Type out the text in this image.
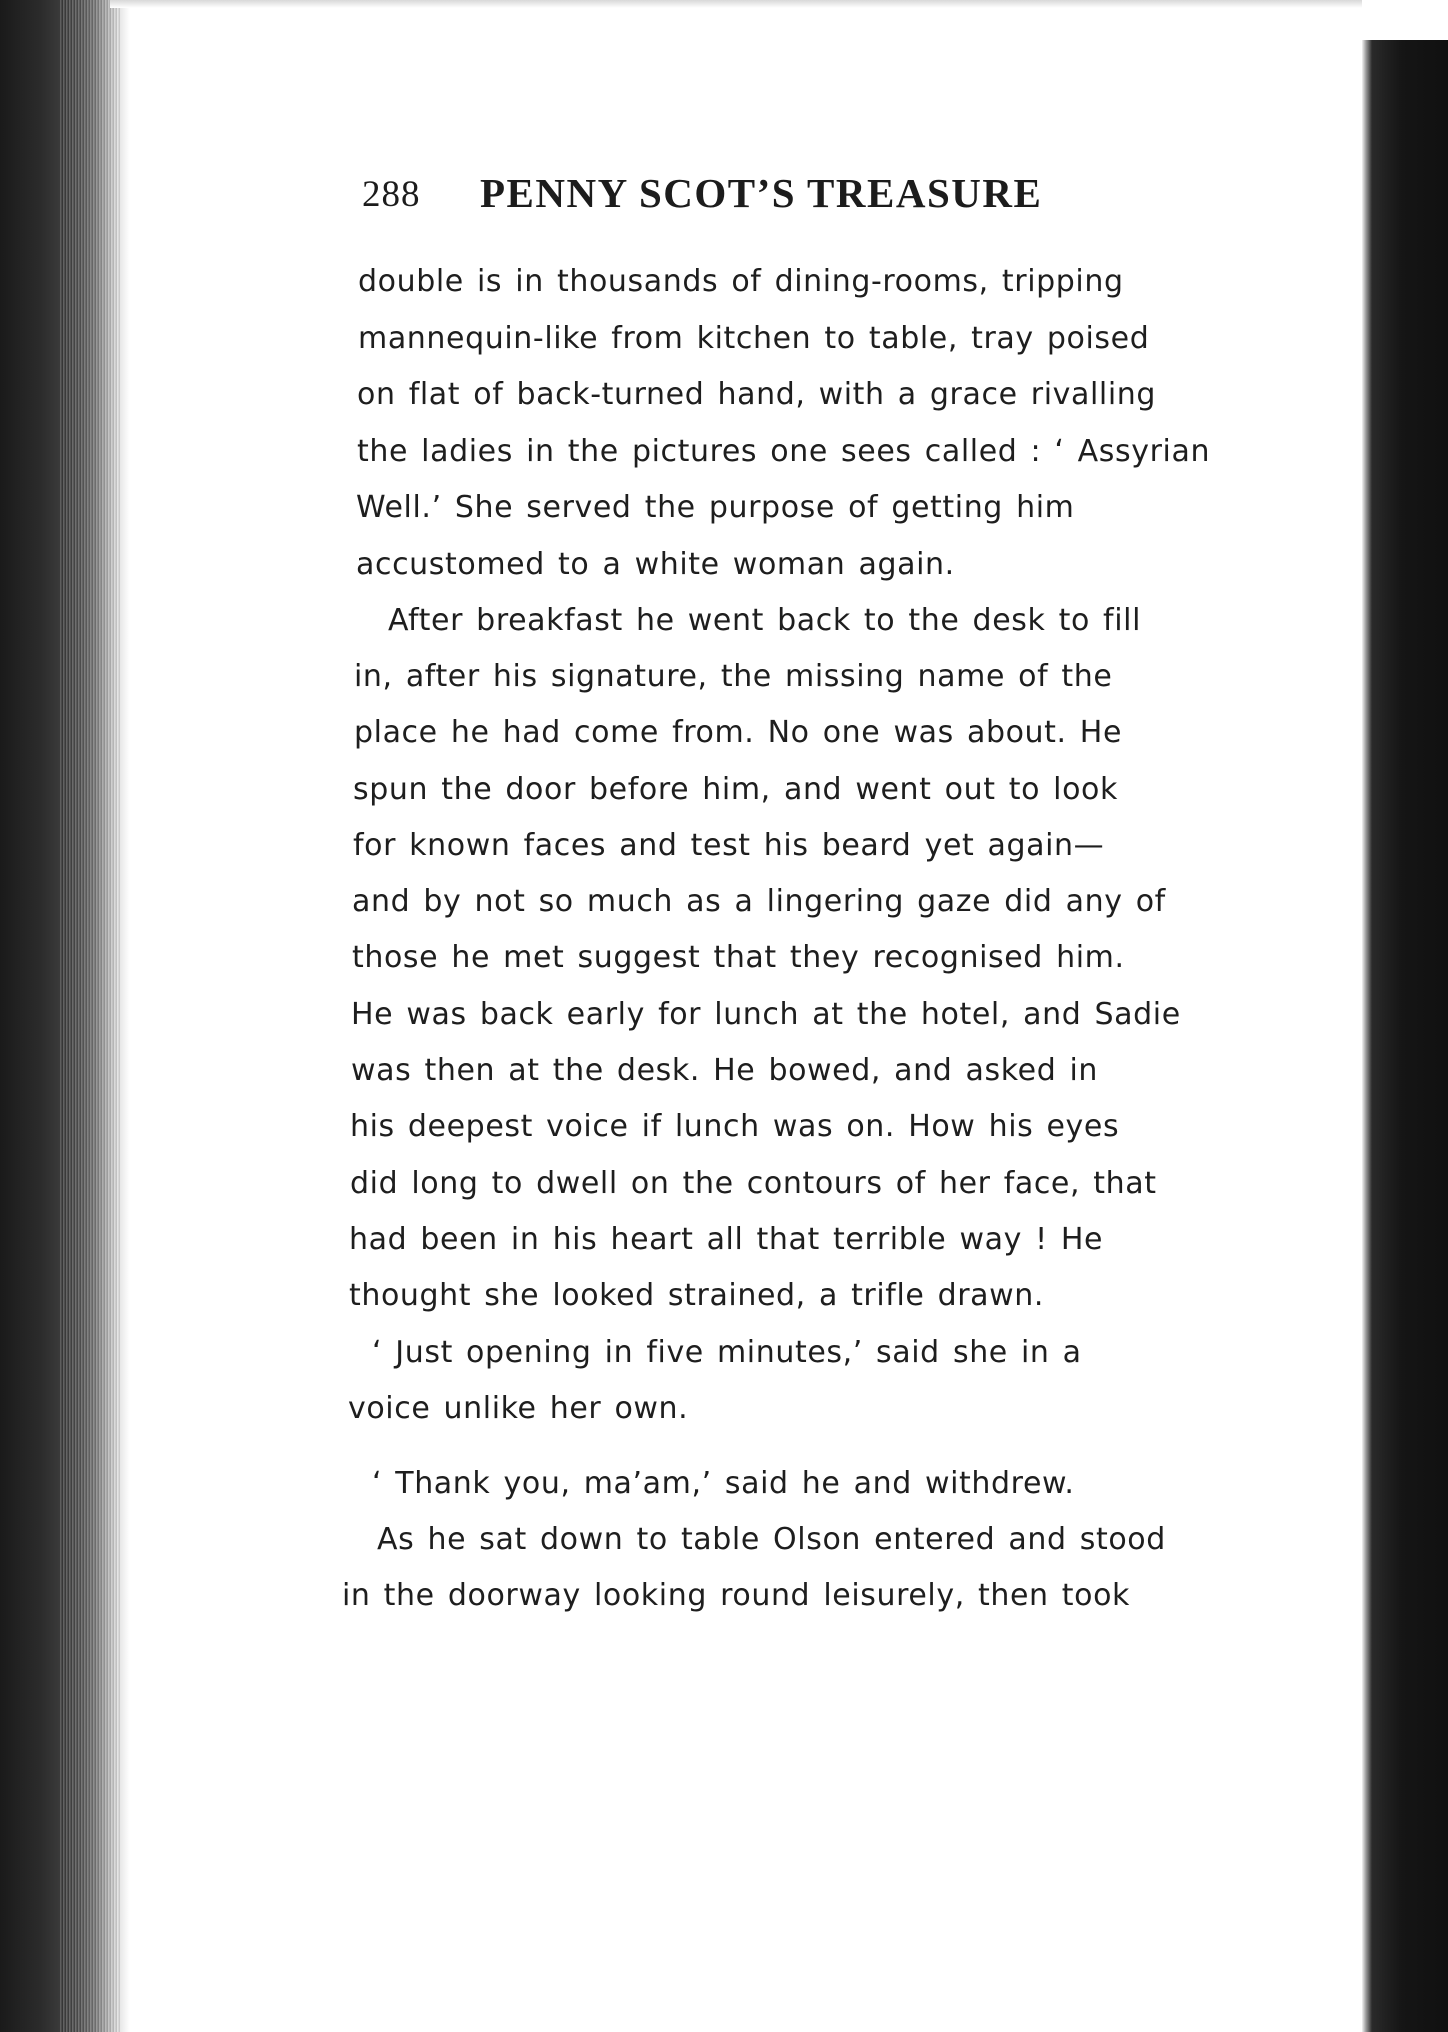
288 PENNY SCOT’S TREASURE
double is in thousands of dining-rooms, tripping
mannequin-like from kitchen to table, tray poised
on flat of back-turned hand, with a grace rivalling
the ladies in the pictures one sees called : ‘ Assyrian
Well.’ She served the purpose of getting him
accustomed to a white woman again.
After breakfast he went back to the desk to fill
in, after his signature, the missing name of the
place he had come from. No one was about. He
spun the door before him, and went out to look
for known faces and test his beard yet again—
and by not so much as a lingering gaze did any of
those he met suggest that they recognised him.
He was back early for lunch at the hotel, and Sadie
was then at the desk. He bowed, and asked in
his deepest voice if lunch was on. How his eyes
did long to dwell on the contours of her face, that
had been in his heart all that terrible way ! He
thought she looked strained, a trifle drawn.
‘ Just opening in five minutes,’ said she in a
voice unlike her own.
‘ Thank you, ma’am,’ said he and withdrew.
As he sat down to table Olson entered and stood
in the doorway looking round leisurely, then took
